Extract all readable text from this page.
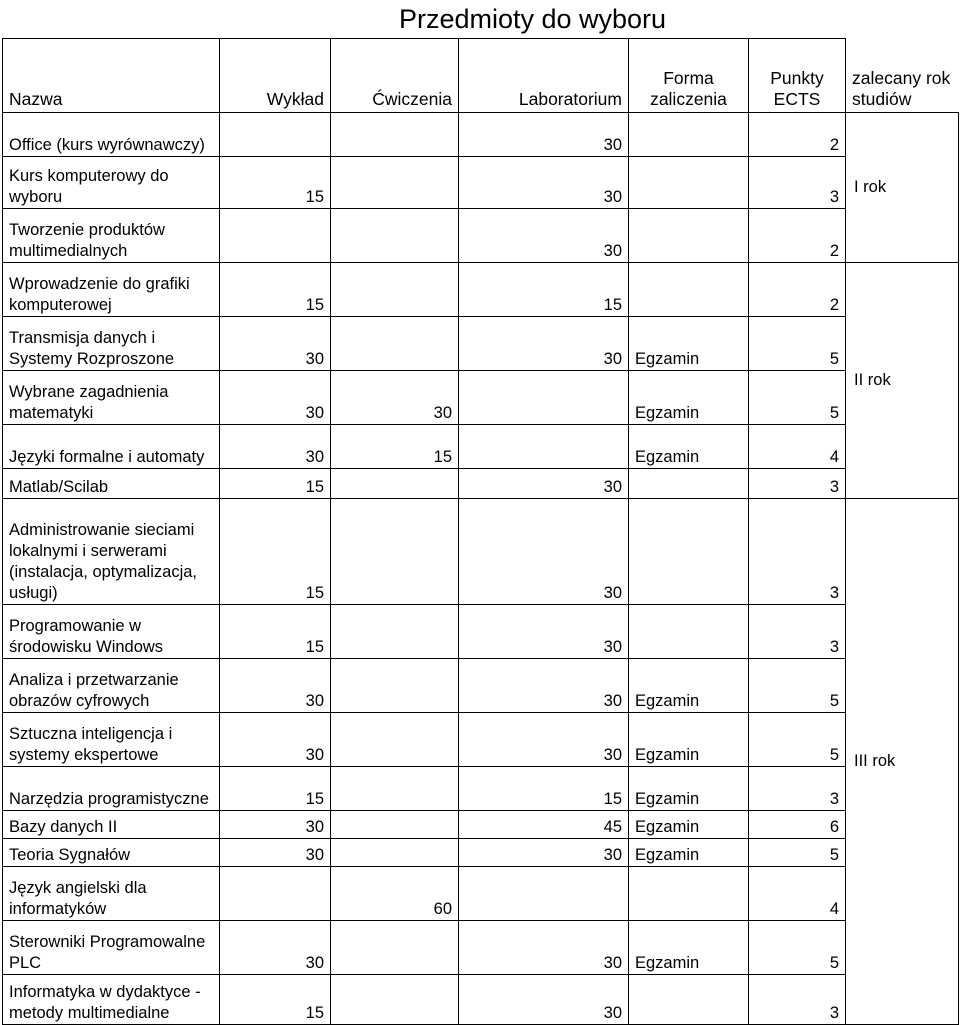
	Przedmioty do wyboru					zalecany rok studiów
Nazwa	Wykład	Ćwiczenia	Laboratorium	Forma zaliczenia	Punkty ECTS	
Office (kurs wyrównawczy)			30		2	I rok
Kurs komputerowy do wyboru	15		30		3	
Tworzenie produktów multimedialnych			30		2	
Wprowadzenie do grafiki komputerowej	15		15		2	II rok
Transmisja danych i Systemy Rozproszone	30		30	Egzamin	5	
Wybrane zagadnienia matematyki	30	30		Egzamin	5	
Języki formalne i automaty	30	15		Egzamin	4	
Matlab/Scilab	15		30		3	
Administrowanie sieciami lokalnymi i serwerami (instalacja, optymalizacja, usługi)	15		30		3	III rok
Programowanie w środowisku Windows	15		30		3	
Analiza i przetwarzanie obrazów cyfrowych	30		30	Egzamin	5	
Sztuczna inteligencja i systemy ekspertowe	30		30	Egzamin	5	
Narzędzia programistyczne	15		15	Egzamin	3	
Bazy danych II	30		45	Egzamin	6	
Teoria Sygnałów	30		30	Egzamin	5	
Język angielski dla informatyków		60			4	
Sterowniki Programowalne PLC	30		30	Egzamin	5	
Informatyka w dydaktyce - metody multimedialne	15		30		3	
